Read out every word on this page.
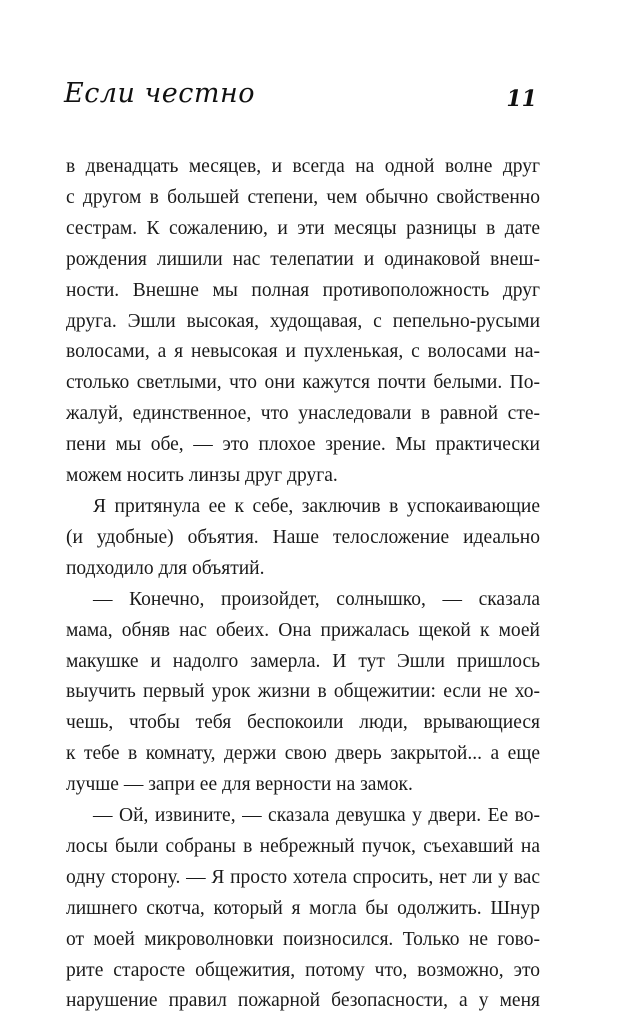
Если честно	11
в двенадцать месяцев, и всегда на одной волне друг
с другом в большей степени, чем обычно свойственно
сестрам. К сожалению, и эти месяцы разницы в дате
рождения лишили нас телепатии и одинаковой внеш-
ности. Внешне мы полная противоположность друг
друга. Эшли высокая, худощавая, с пепельно-русыми
волосами, а я невысокая и пухленькая, с волосами на-
столько светлыми, что они кажутся почти белыми. По-
жалуй, единственное, что унаследовали в равной сте-
пени мы обе, — это плохое зрение. Мы практически
можем носить линзы друг друга.
Я притянула ее к себе, заключив в успокаивающие
(и удобные) объятия. Наше телосложение идеально
подходило для объятий.
— Конечно, произойдет, солнышко, — сказала
мама, обняв нас обеих. Она прижалась щекой к моей
макушке и надолго замерла. И тут Эшли пришлось
выучить первый урок жизни в общежитии: если не хо-
чешь, чтобы тебя беспокоили люди, врывающиеся
к тебе в комнату, держи свою дверь закрытой... а еще
лучше — запри ее для верности на замок.
— Ой, извините, — сказала девушка у двери. Ее во-
лосы были собраны в небрежный пучок, съехавший на
одну сторону. — Я просто хотела спросить, нет ли у вас
лишнего скотча, который я могла бы одолжить. Шнур
от моей микроволновки поизносился. Только не гово-
рите старосте общежития, потому что, возможно, это
нарушение правил пожарной безопасности, а у меня
